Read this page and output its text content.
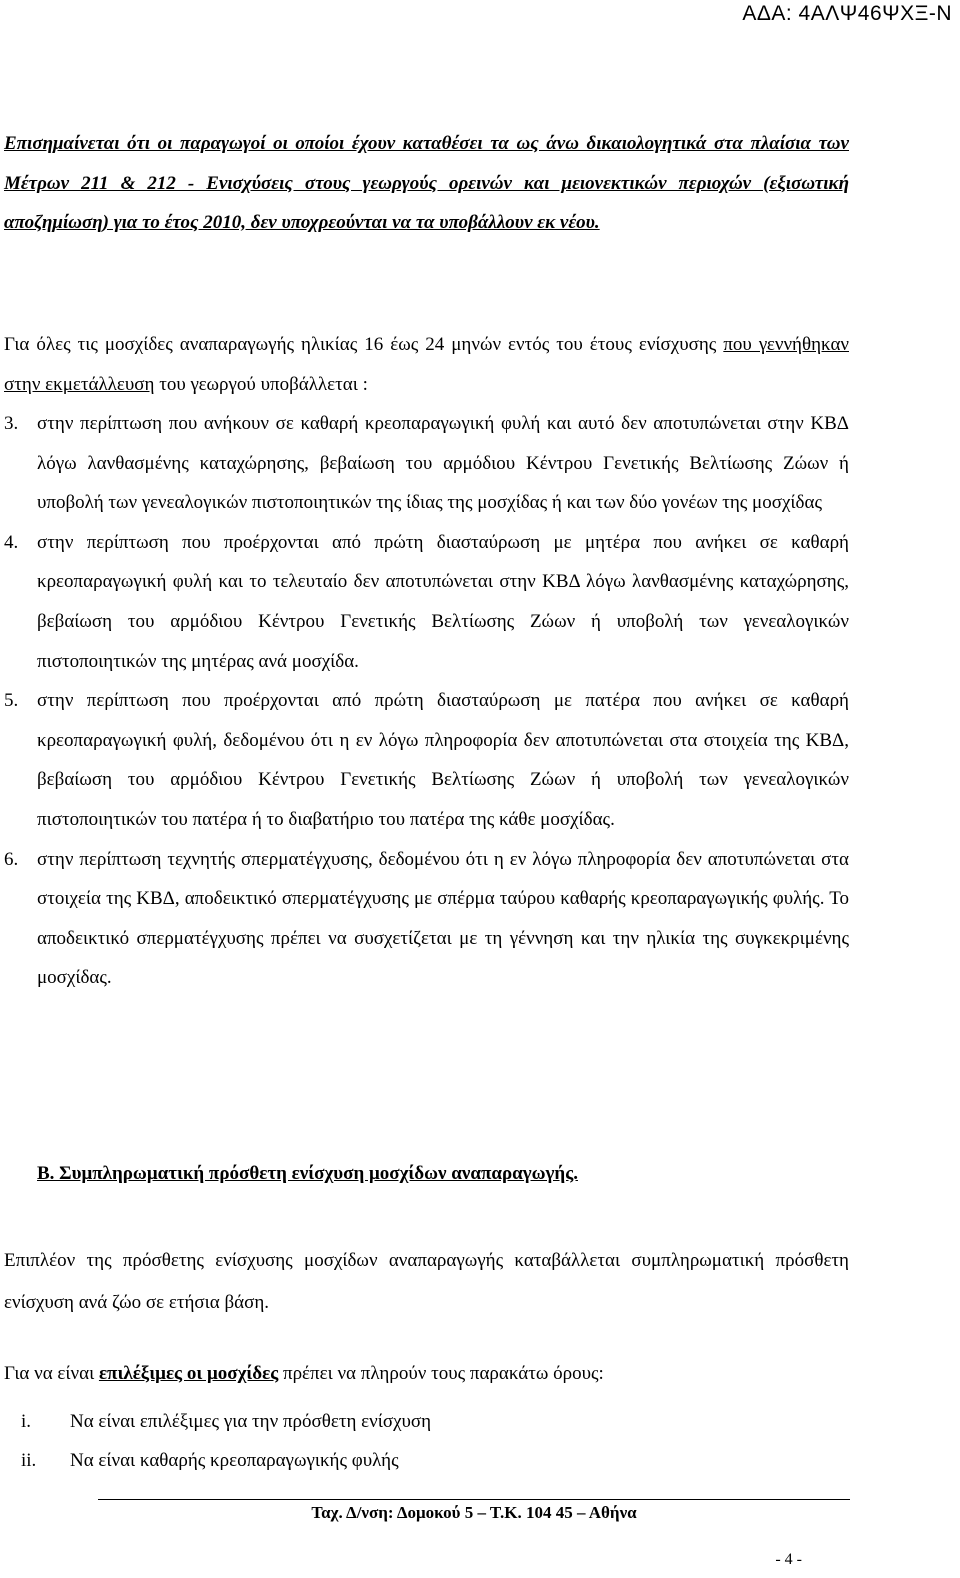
ΑΔΑ: 4ΑΛΨ46ΨΧΞ-Ν

Επισημαίνεται ότι οι παραγωγοί οι οποίοι έχουν καταθέσει τα ως άνω δικαιολογητικά στα πλαίσια των Μέτρων 211 & 212 - Ενισχύσεις στους γεωργούς ορεινών και μειονεκτικών περιοχών (εξισωτική αποζημίωση) για το έτος 2010, δεν υποχρεούνται να τα υποβάλλουν εκ νέου.

Για όλες τις μοσχίδες αναπαραγωγής ηλικίας 16 έως 24 μηνών εντός του έτους ενίσχυσης που γεννήθηκαν στην εκμετάλλευση του γεωργού υποβάλλεται :

3. στην περίπτωση που ανήκουν σε καθαρή κρεοπαραγωγική φυλή και αυτό δεν αποτυπώνεται στην ΚΒΔ λόγω λανθασμένης καταχώρησης, βεβαίωση του αρμόδιου Κέντρου Γενετικής Βελτίωσης Ζώων ή υποβολή των γενεαλογικών πιστοποιητικών της ίδιας της μοσχίδας ή και των δύο γονέων της μοσχίδας
4. στην περίπτωση που προέρχονται από πρώτη διασταύρωση με μητέρα που ανήκει σε καθαρή κρεοπαραγωγική φυλή και το τελευταίο δεν αποτυπώνεται στην ΚΒΔ λόγω λανθασμένης καταχώρησης, βεβαίωση του αρμόδιου Κέντρου Γενετικής Βελτίωσης Ζώων ή υποβολή των γενεαλογικών πιστοποιητικών της μητέρας ανά μοσχίδα.
5. στην περίπτωση που προέρχονται από πρώτη διασταύρωση με πατέρα που ανήκει σε καθαρή κρεοπαραγωγική φυλή, δεδομένου ότι η εν λόγω πληροφορία δεν αποτυπώνεται στα στοιχεία της ΚΒΔ, βεβαίωση του αρμόδιου Κέντρου Γενετικής Βελτίωσης Ζώων ή υποβολή των γενεαλογικών πιστοποιητικών του πατέρα ή το διαβατήριο του πατέρα της κάθε μοσχίδας.
6. στην περίπτωση τεχνητής σπερματέγχυσης, δεδομένου ότι η εν λόγω πληροφορία δεν αποτυπώνεται στα στοιχεία της ΚΒΔ, αποδεικτικό σπερματέγχυσης με σπέρμα ταύρου καθαρής κρεοπαραγωγικής φυλής. Το αποδεικτικό σπερματέγχυσης πρέπει να συσχετίζεται με τη γέννηση και την ηλικία της συγκεκριμένης μοσχίδας.
Β. Συμπληρωματική πρόσθετη ενίσχυση μοσχίδων αναπαραγωγής.

Επιπλέον της πρόσθετης ενίσχυσης μοσχίδων αναπαραγωγής καταβάλλεται συμπληρωματική πρόσθετη ενίσχυση ανά ζώο σε ετήσια βάση.

Για να είναι επιλέξιμες οι μοσχίδες πρέπει να πληρούν τους παρακάτω όρους:

i. Να είναι επιλέξιμες για την πρόσθετη ενίσχυση
ii. Να είναι καθαρής κρεοπαραγωγικής φυλής
Ταχ. Δ/νση: Δομοκού 5 – Τ.Κ. 104 45 – Αθήνα
- 4 -
